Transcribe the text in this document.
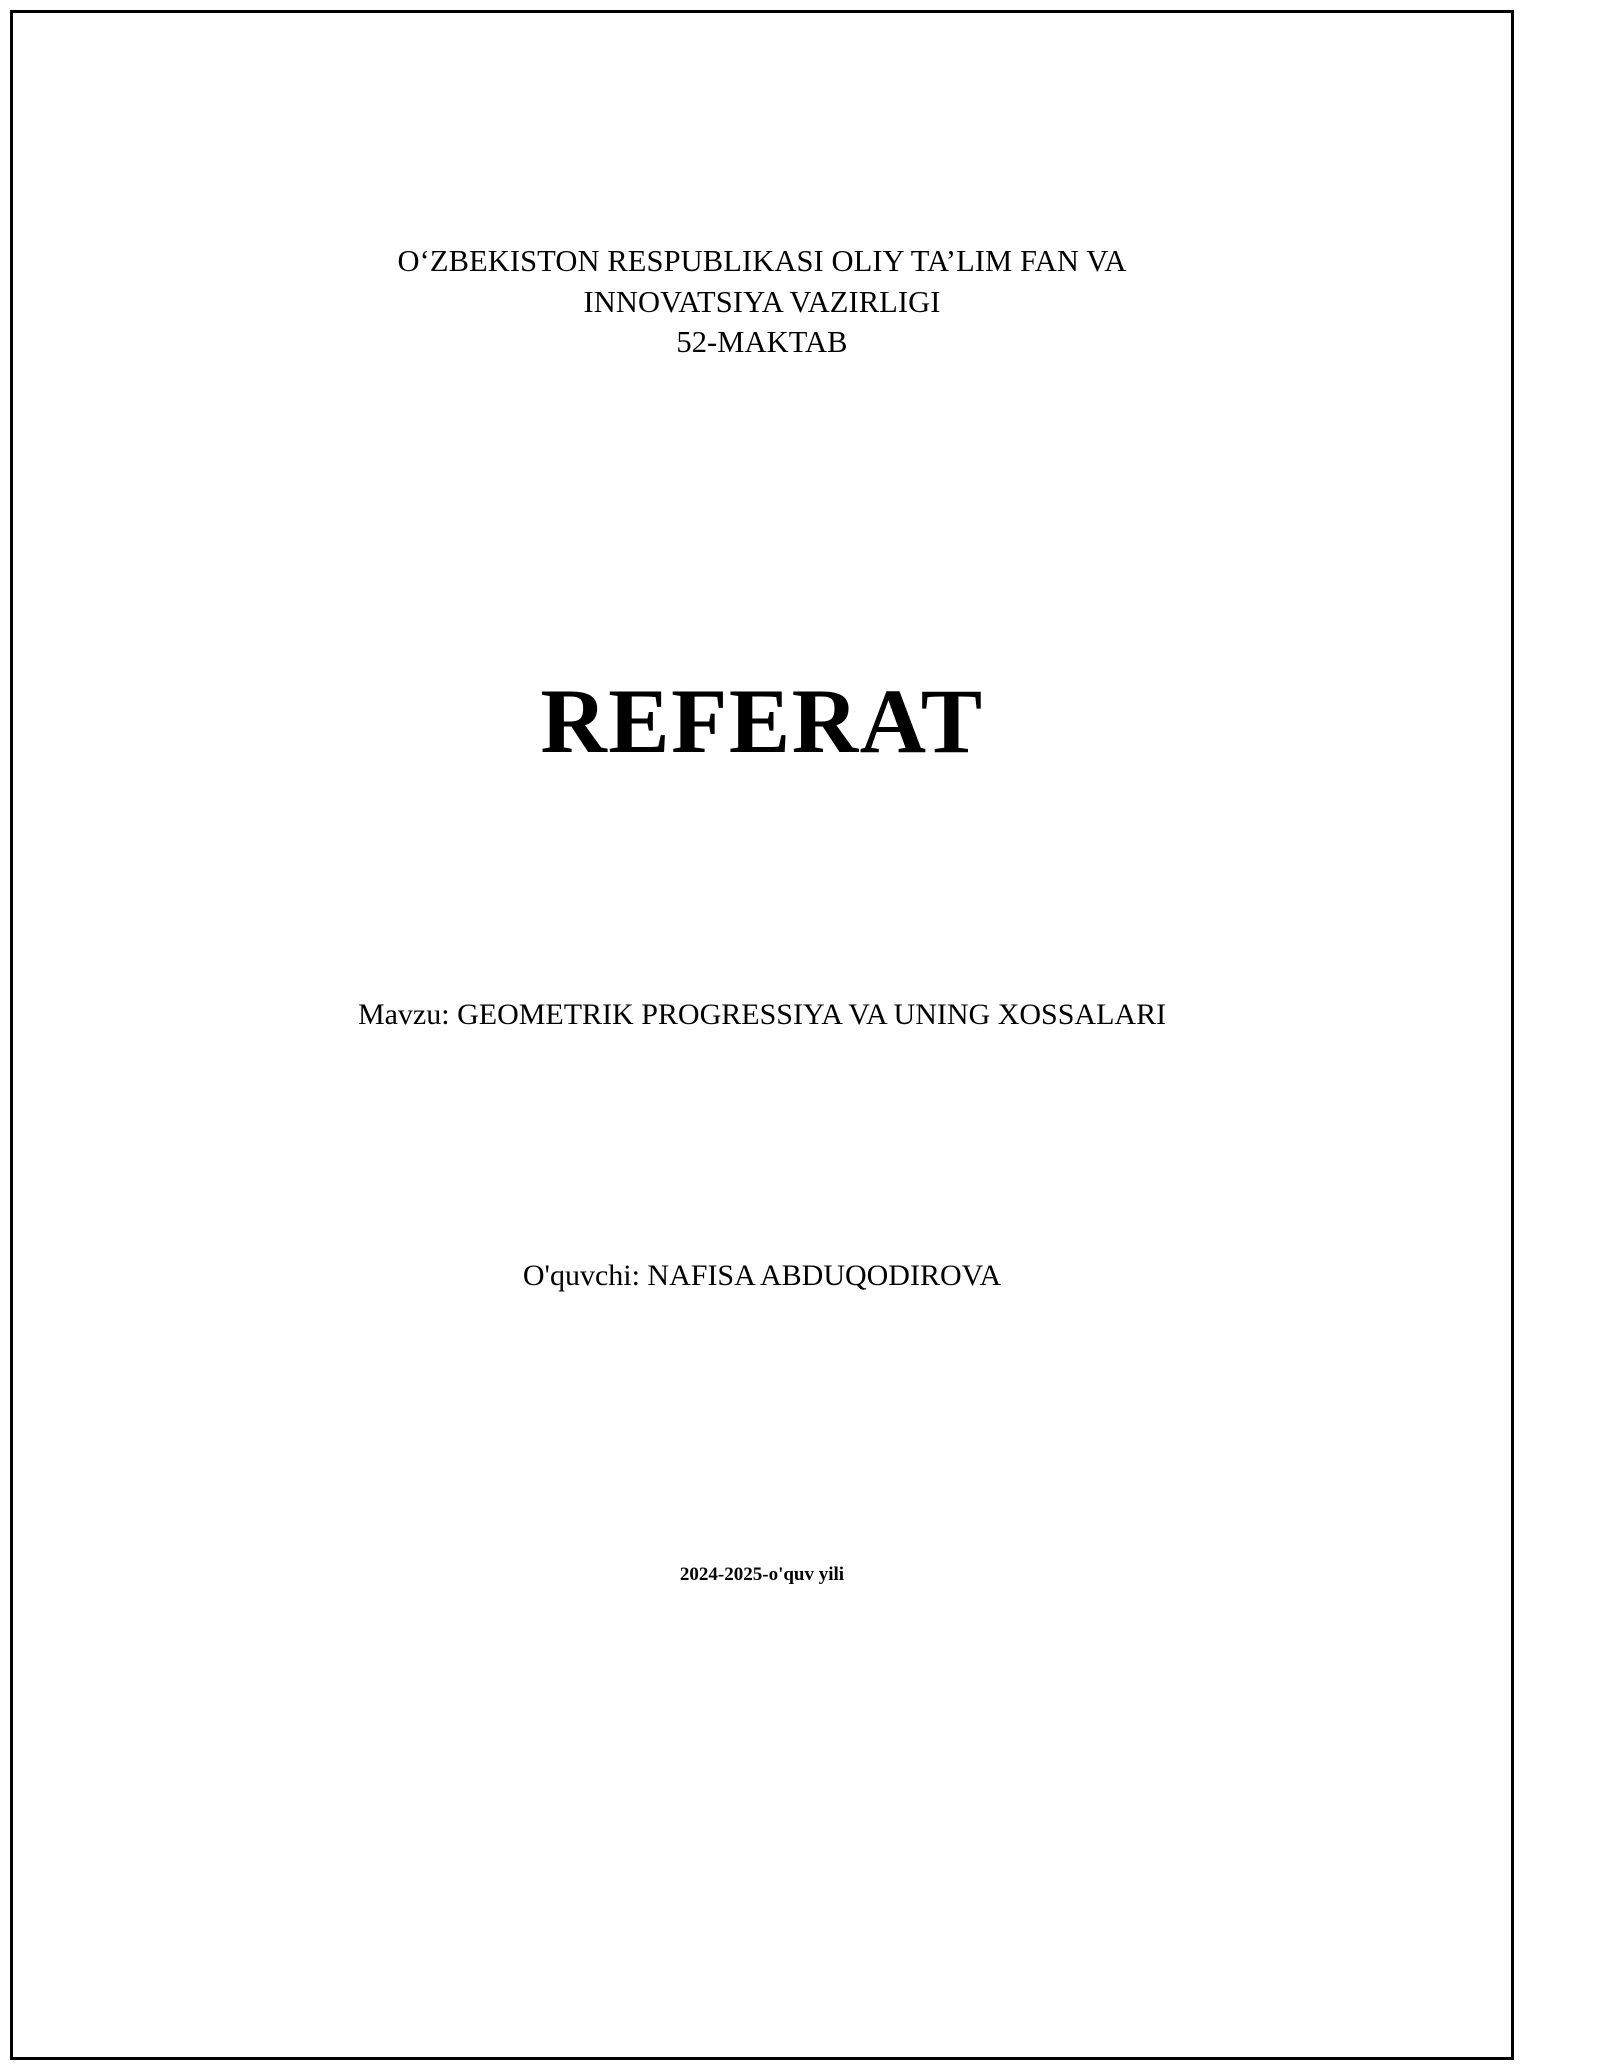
O‘ZBEKISTON RESPUBLIKASI OLIY TA’LIM FAN VA
INNOVATSIYA VAZIRLIGI
52-MAKTAB
REFERAT
Mavzu: GEOMETRIK PROGRESSIYA VA UNING XOSSALARI
O'quvchi: NAFISA ABDUQODIROVA
2024-2025-o'quv yili
